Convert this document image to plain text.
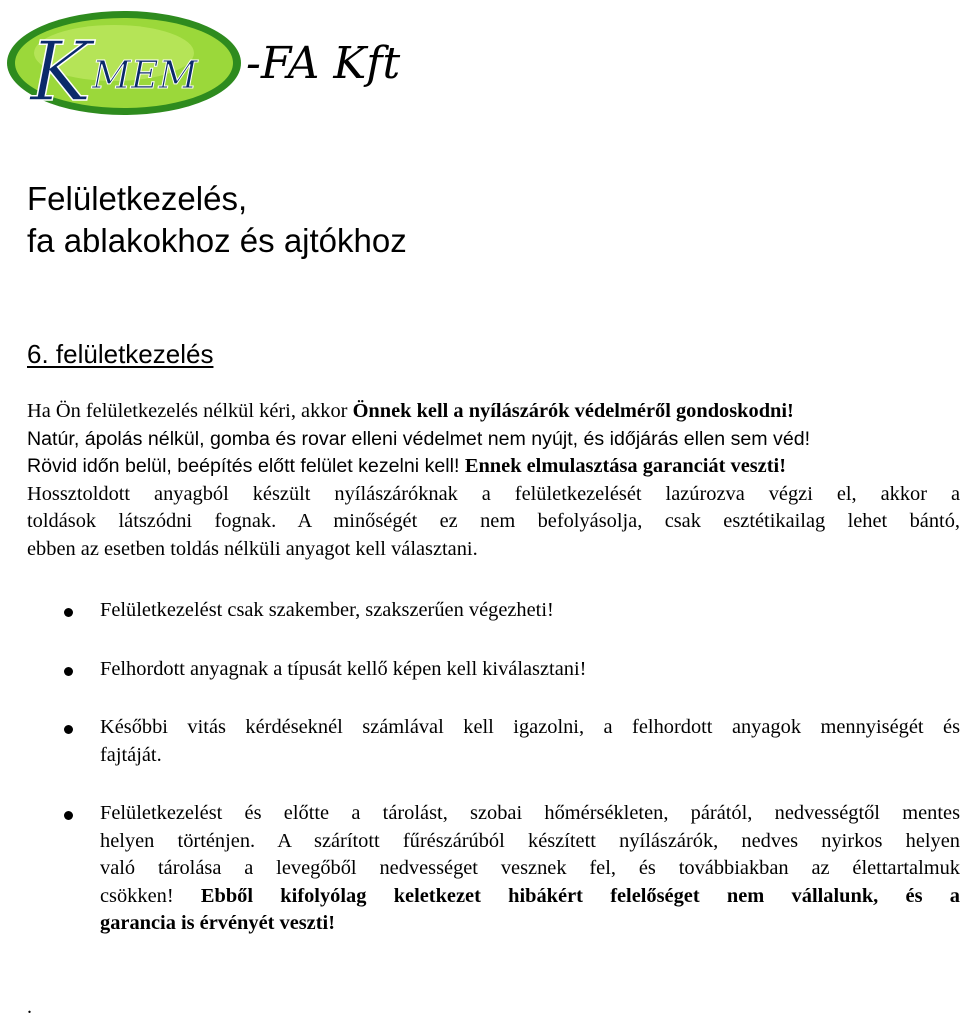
K MEM -FA Kft
Felületkezelés,
fa ablakokhoz és ajtókhoz
6. felületkezelés
Ha Ön felületkezelés nélkül kéri, akkor Önnek kell a nyílászárók védelméről gondoskodni!
Natúr, ápolás nélkül, gomba és rovar elleni védelmet nem nyújt, és időjárás ellen sem véd!
Rövid időn belül, beépítés előtt felület kezelni kell! Ennek elmulasztása garanciát veszti!
Hossztoldott anyagból készült nyílászáróknak a felületkezelését lazúrozva végzi el, akkor a
toldások látszódni fognak. A minőségét ez nem befolyásolja, csak esztétikailag lehet bántó,
ebben az esetben toldás nélküli anyagot kell választani.
Felületkezelést csak szakember, szakszerűen végezheti!
Felhordott anyagnak a típusát kellő képen kell kiválasztani!
Későbbi vitás kérdéseknél számlával kell igazolni, a felhordott anyagok mennyiségét és
fajtáját.
Felületkezelést és előtte a tárolást, szobai hőmérsékleten, párától, nedvességtől mentes
helyen történjen. A szárított fűrészárúból készített nyílászárók, nedves nyirkos helyen
való tárolása a levegőből nedvességet vesznek fel, és továbbiakban az élettartalmuk
csökken! Ebből kifolyólag keletkezet hibákért felelőséget nem vállalunk, és a
garancia is érvényét veszti!
.
